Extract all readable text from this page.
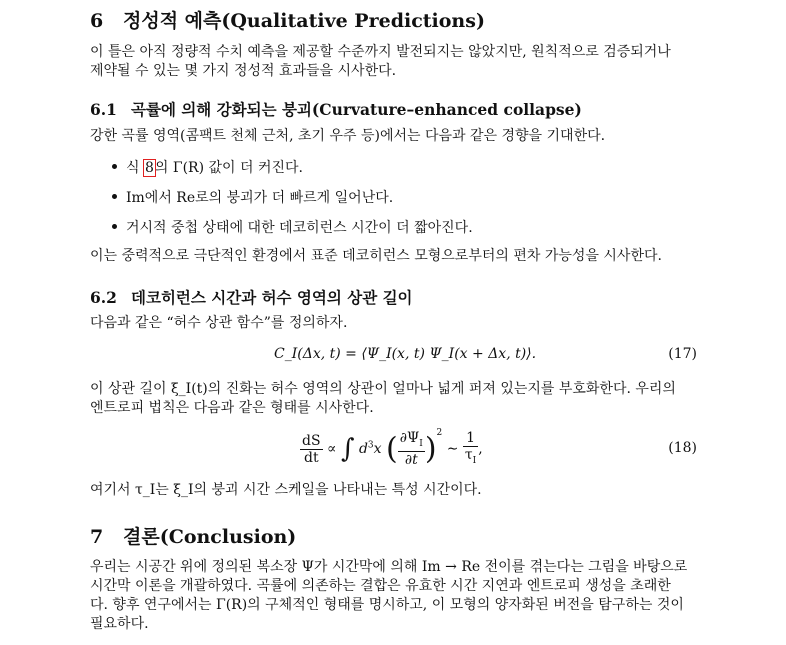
6 정성적 예측(Qualitative Predictions)
이 틀은 아직 정량적 수치 예측을 제공할 수준까지 발전되지는 않았지만, 원칙적으로 검증되거나
제약될 수 있는 몇 가지 정성적 효과들을 시사한다.
6.1 곡률에 의해 강화되는 붕괴(Curvature–enhanced collapse)
강한 곡률 영역(콤팩트 천체 근처, 초기 우주 등)에서는 다음과 같은 경향을 기대한다.
식 8의 Γ(R) 값이 더 커진다.
Im에서 Re로의 붕괴가 더 빠르게 일어난다.
거시적 중첩 상태에 대한 데코히런스 시간이 더 짧아진다.
이는 중력적으로 극단적인 환경에서 표준 데코히런스 모형으로부터의 편차 가능성을 시사한다.
6.2 데코히런스 시간과 허수 영역의 상관 길이
다음과 같은 “허수 상관 함수”를 정의하자.
C_I(Δx, t) = ⟨Ψ_I(x, t) Ψ_I(x + Δx, t)⟩.	(17)
이 상관 길이 ξ_I(t)의 진화는 허수 영역의 상관이 얼마나 넓게 퍼져 있는지를 부호화한다. 우리의
엔트로피 법칙은 다음과 같은 형태를 시사한다.
$\frac{dS}{dt}$ ∝ ∫ $d^3x$ ( $\frac{\partial\Psi_I}{\partial t} )^2$ ∼ $\frac{1}{\tau_I}$ ,	(18)
여기서 τ_I는 ξ_I의 붕괴 시간 스케일을 나타내는 특성 시간이다.
7 결론(Conclusion)
우리는 시공간 위에 정의된 복소장 Ψ가 시간막에 의해 Im → Re 전이를 겪는다는 그림을 바탕으로
시간막 이론을 개괄하였다. 곡률에 의존하는 결합은 유효한 시간 지연과 엔트로피 생성을 초래한
다. 향후 연구에서는 Γ(R)의 구체적인 형태를 명시하고, 이 모형의 양자화된 버전을 탐구하는 것이
필요하다.
